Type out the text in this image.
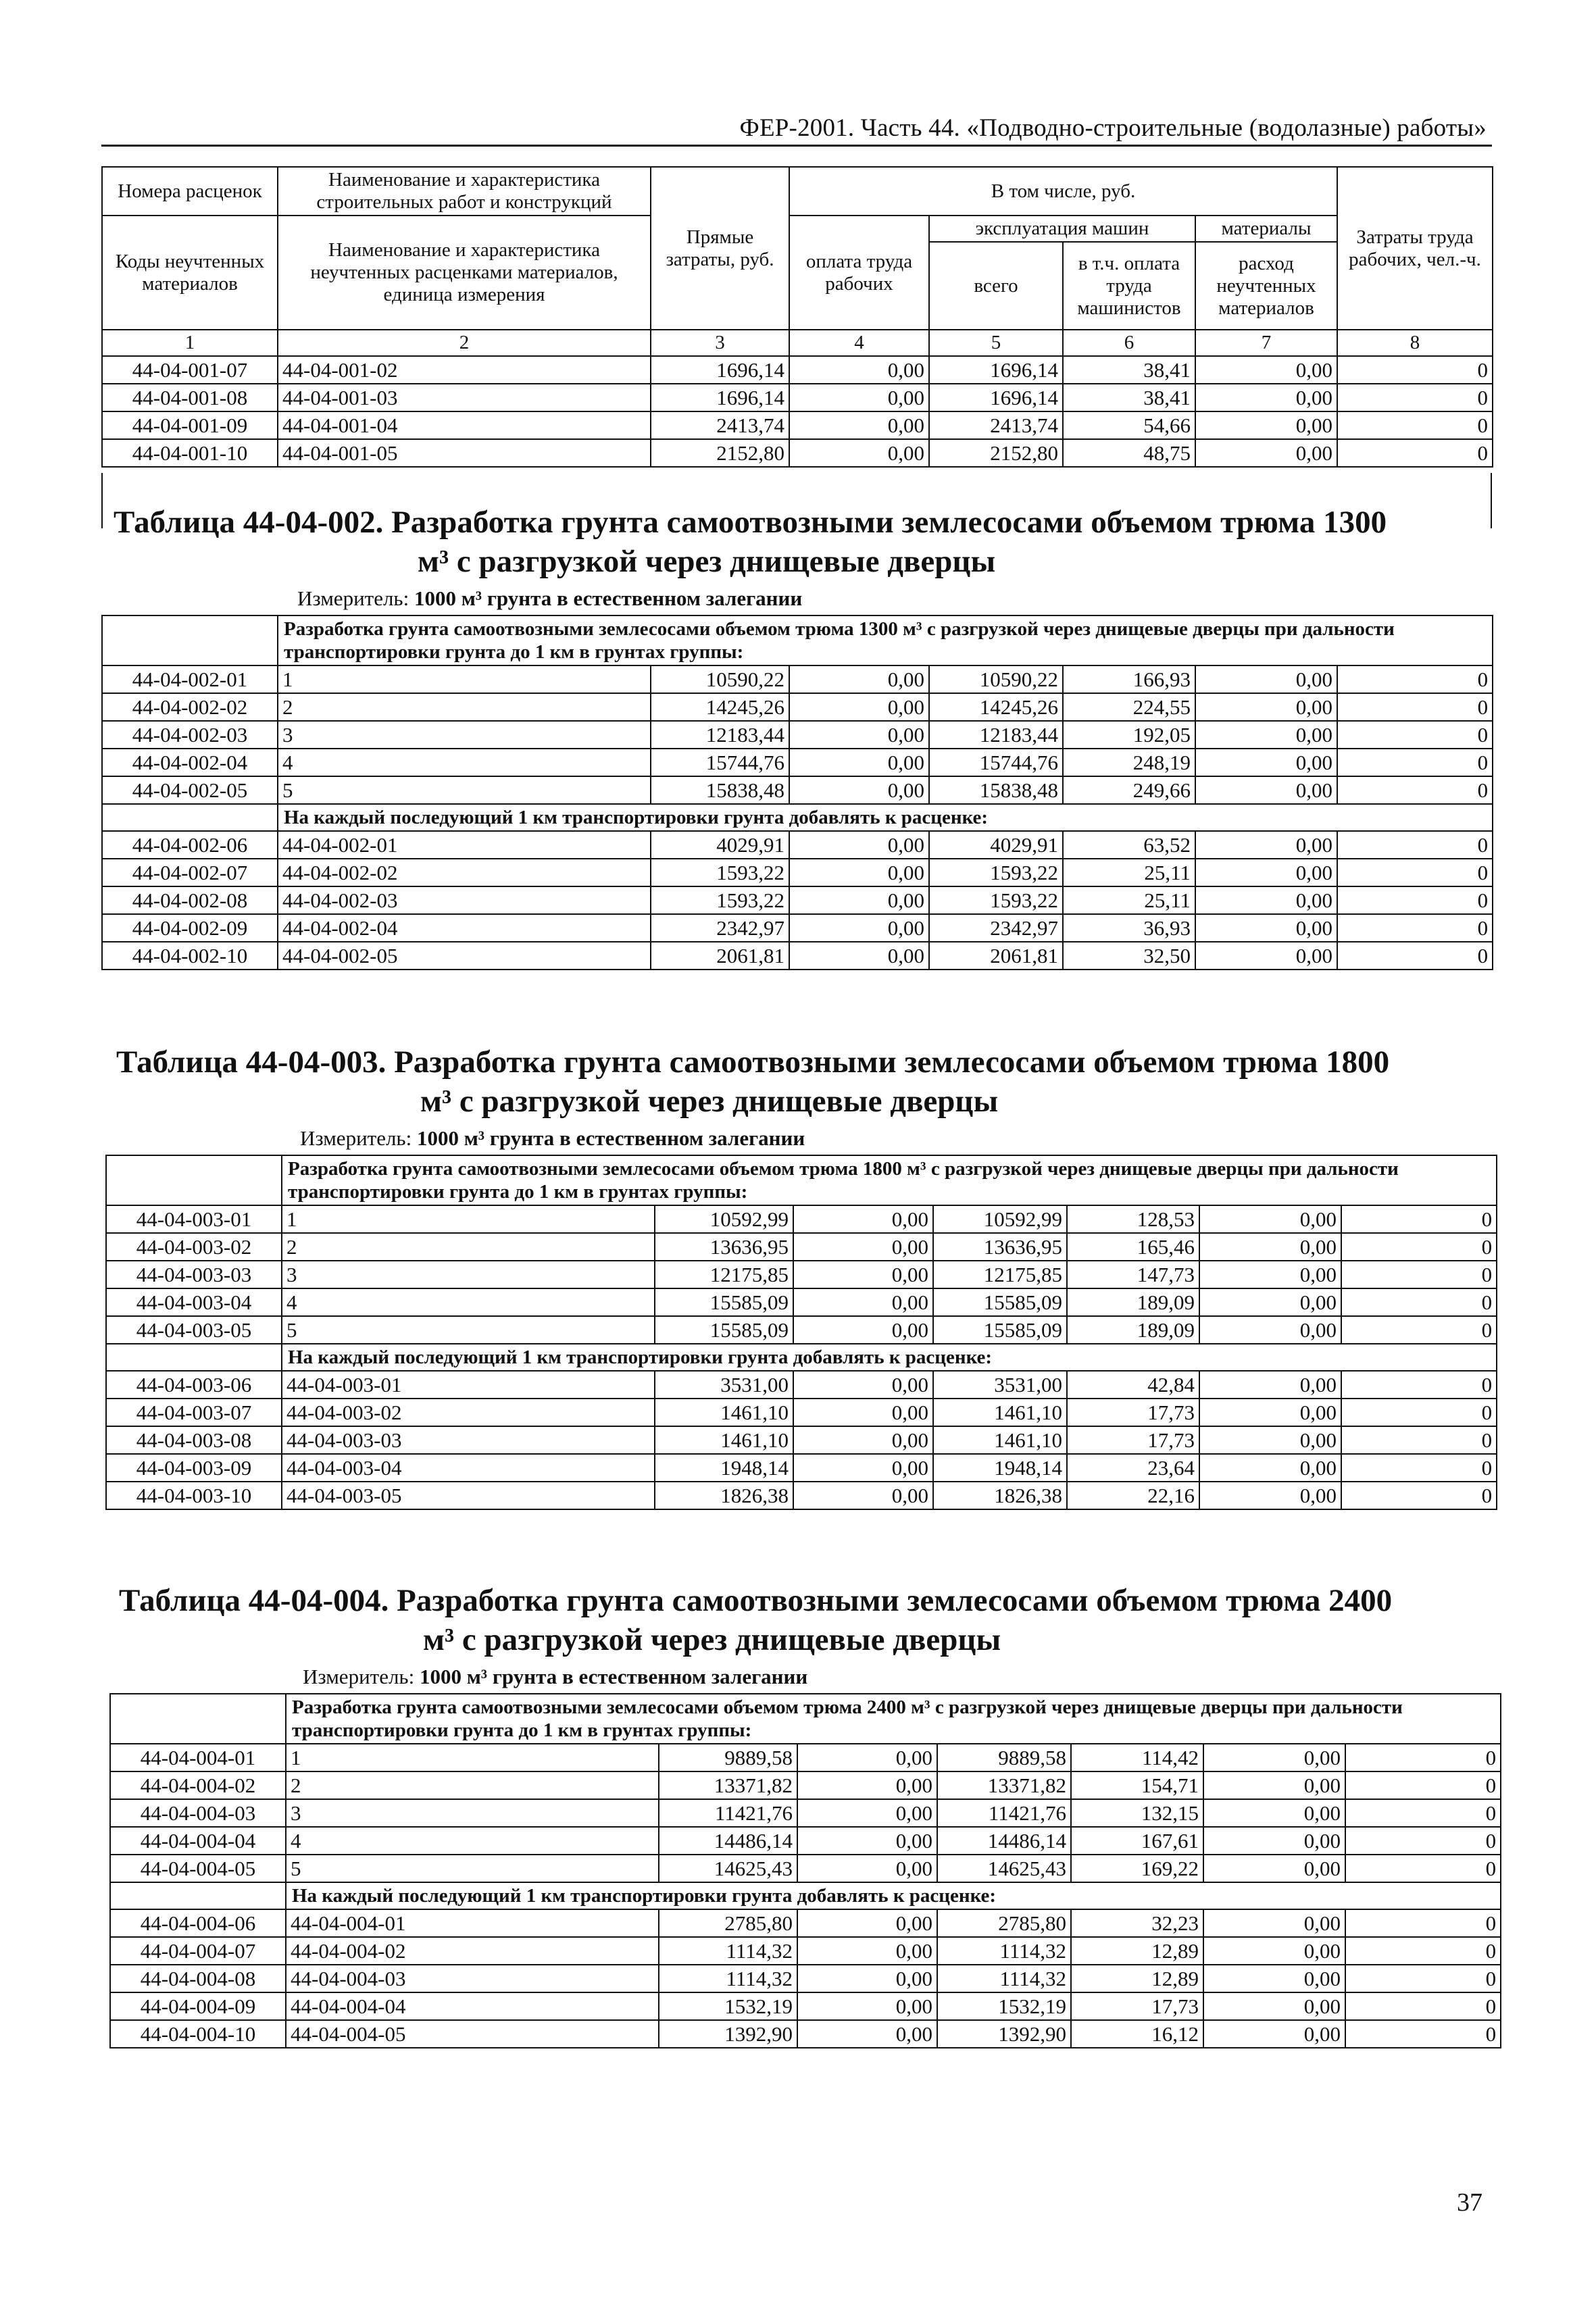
ФЕР-2001. Часть 44. «Подводно-строительные (водолазные) работы»
Номера расценок	Наименование и характеристика строительных работ и конструкций	Прямые затраты, руб.	В том числе, руб.				Затраты труда рабочих, чел.-ч.
Коды неучтенных материалов	Наименование и характеристика неучтенных расценками материалов, единица измерения		оплата труда рабочих	эксплуатация машин		материалы	
				всего	в т.ч. оплата труда машинистов	расход неучтенных материалов	
1	2	3	4	5	6	7	8
44-04-001-07	44-04-001-02	1696,14	0,00	1696,14	38,41	0,00	0
44-04-001-08	44-04-001-03	1696,14	0,00	1696,14	38,41	0,00	0
44-04-001-09	44-04-001-04	2413,74	0,00	2413,74	54,66	0,00	0
44-04-001-10	44-04-001-05	2152,80	0,00	2152,80	48,75	0,00	0
Таблица 44-04-002. Разработка грунта самоотвозными землесосами объемом трюма 1300
м³ с разгрузкой через днищевые дверцы
Измеритель: 1000 м³ грунта в естественном залегании
	Разработка грунта самоотвозными землесосами объемом трюма 1300 м³ с разгрузкой через днищевые дверцы при дальности транспортировки грунта до 1 км в грунтах группы:						
44-04-002-01	1	10590,22	0,00	10590,22	166,93	0,00	0
44-04-002-02	2	14245,26	0,00	14245,26	224,55	0,00	0
44-04-002-03	3	12183,44	0,00	12183,44	192,05	0,00	0
44-04-002-04	4	15744,76	0,00	15744,76	248,19	0,00	0
44-04-002-05	5	15838,48	0,00	15838,48	249,66	0,00	0
	На каждый последующий 1 км транспортировки грунта добавлять к расценке:						
44-04-002-06	44-04-002-01	4029,91	0,00	4029,91	63,52	0,00	0
44-04-002-07	44-04-002-02	1593,22	0,00	1593,22	25,11	0,00	0
44-04-002-08	44-04-002-03	1593,22	0,00	1593,22	25,11	0,00	0
44-04-002-09	44-04-002-04	2342,97	0,00	2342,97	36,93	0,00	0
44-04-002-10	44-04-002-05	2061,81	0,00	2061,81	32,50	0,00	0
Таблица 44-04-003. Разработка грунта самоотвозными землесосами объемом трюма 1800
м³ с разгрузкой через днищевые дверцы
Измеритель: 1000 м³ грунта в естественном залегании
	Разработка грунта самоотвозными землесосами объемом трюма 1800 м³ с разгрузкой через днищевые дверцы при дальности транспортировки грунта до 1 км в грунтах группы:						
44-04-003-01	1	10592,99	0,00	10592,99	128,53	0,00	0
44-04-003-02	2	13636,95	0,00	13636,95	165,46	0,00	0
44-04-003-03	3	12175,85	0,00	12175,85	147,73	0,00	0
44-04-003-04	4	15585,09	0,00	15585,09	189,09	0,00	0
44-04-003-05	5	15585,09	0,00	15585,09	189,09	0,00	0
	На каждый последующий 1 км транспортировки грунта добавлять к расценке:						
44-04-003-06	44-04-003-01	3531,00	0,00	3531,00	42,84	0,00	0
44-04-003-07	44-04-003-02	1461,10	0,00	1461,10	17,73	0,00	0
44-04-003-08	44-04-003-03	1461,10	0,00	1461,10	17,73	0,00	0
44-04-003-09	44-04-003-04	1948,14	0,00	1948,14	23,64	0,00	0
44-04-003-10	44-04-003-05	1826,38	0,00	1826,38	22,16	0,00	0
Таблица 44-04-004. Разработка грунта самоотвозными землесосами объемом трюма 2400
м³ с разгрузкой через днищевые дверцы
Измеритель: 1000 м³ грунта в естественном залегании
	Разработка грунта самоотвозными землесосами объемом трюма 2400 м³ с разгрузкой через днищевые дверцы при дальности транспортировки грунта до 1 км в грунтах группы:						
44-04-004-01	1	9889,58	0,00	9889,58	114,42	0,00	0
44-04-004-02	2	13371,82	0,00	13371,82	154,71	0,00	0
44-04-004-03	3	11421,76	0,00	11421,76	132,15	0,00	0
44-04-004-04	4	14486,14	0,00	14486,14	167,61	0,00	0
44-04-004-05	5	14625,43	0,00	14625,43	169,22	0,00	0
	На каждый последующий 1 км транспортировки грунта добавлять к расценке:						
44-04-004-06	44-04-004-01	2785,80	0,00	2785,80	32,23	0,00	0
44-04-004-07	44-04-004-02	1114,32	0,00	1114,32	12,89	0,00	0
44-04-004-08	44-04-004-03	1114,32	0,00	1114,32	12,89	0,00	0
44-04-004-09	44-04-004-04	1532,19	0,00	1532,19	17,73	0,00	0
44-04-004-10	44-04-004-05	1392,90	0,00	1392,90	16,12	0,00	0
37
